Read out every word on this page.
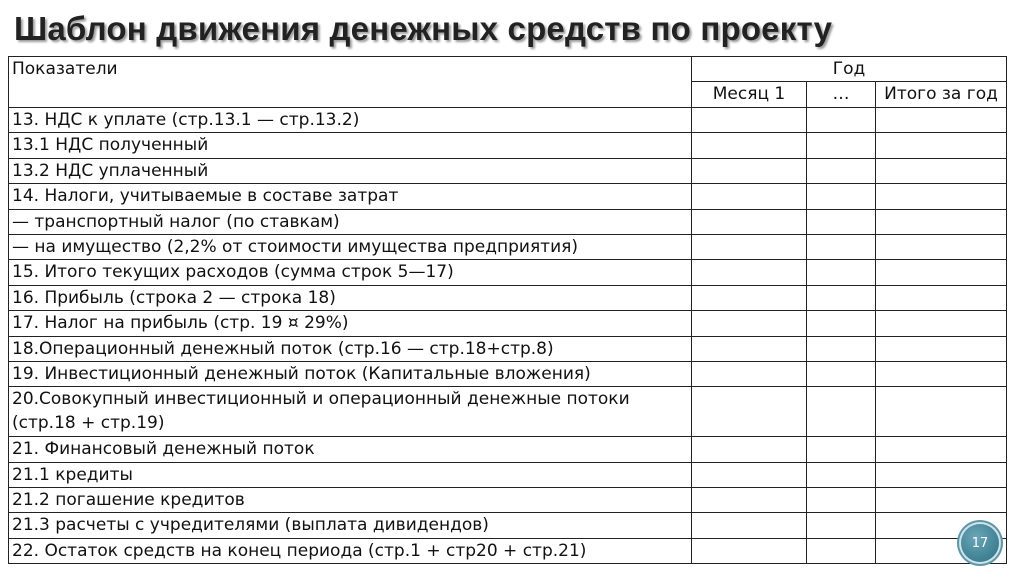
Шаблон движения денежных средств по проекту
Показатели	Год		
	Месяц 1	…	Итого за год
13. НДС к уплате (стр.13.1 — стр.13.2)			
13.1 НДС полученный			
13.2 НДС уплаченный			
14. Налоги, учитываемые в составе затрат			
— транспортный налог (по ставкам)			
— на имущество (2,2% от стоимости имущества предприятия)			
15. Итого текущих расходов (сумма строк 5—17)			
16. Прибыль (строка 2 — строка 18)			
17. Налог на прибыль (стр. 19 ¤ 29%)			
18.Операционный денежный поток (стр.16 — стр.18+стр.8)			
19. Инвестиционный денежный поток (Капитальные вложения)			
20.Совокупный инвестиционный и операционный денежные потоки (стр.18 + стр.19)			
21. Финансовый денежный поток			
21.1 кредиты			
21.2 погашение кредитов			
21.3 расчеты с учредителями (выплата дивидендов)			
22. Остаток средств на конец периода (стр.1 + стр20 + стр.21)				17
